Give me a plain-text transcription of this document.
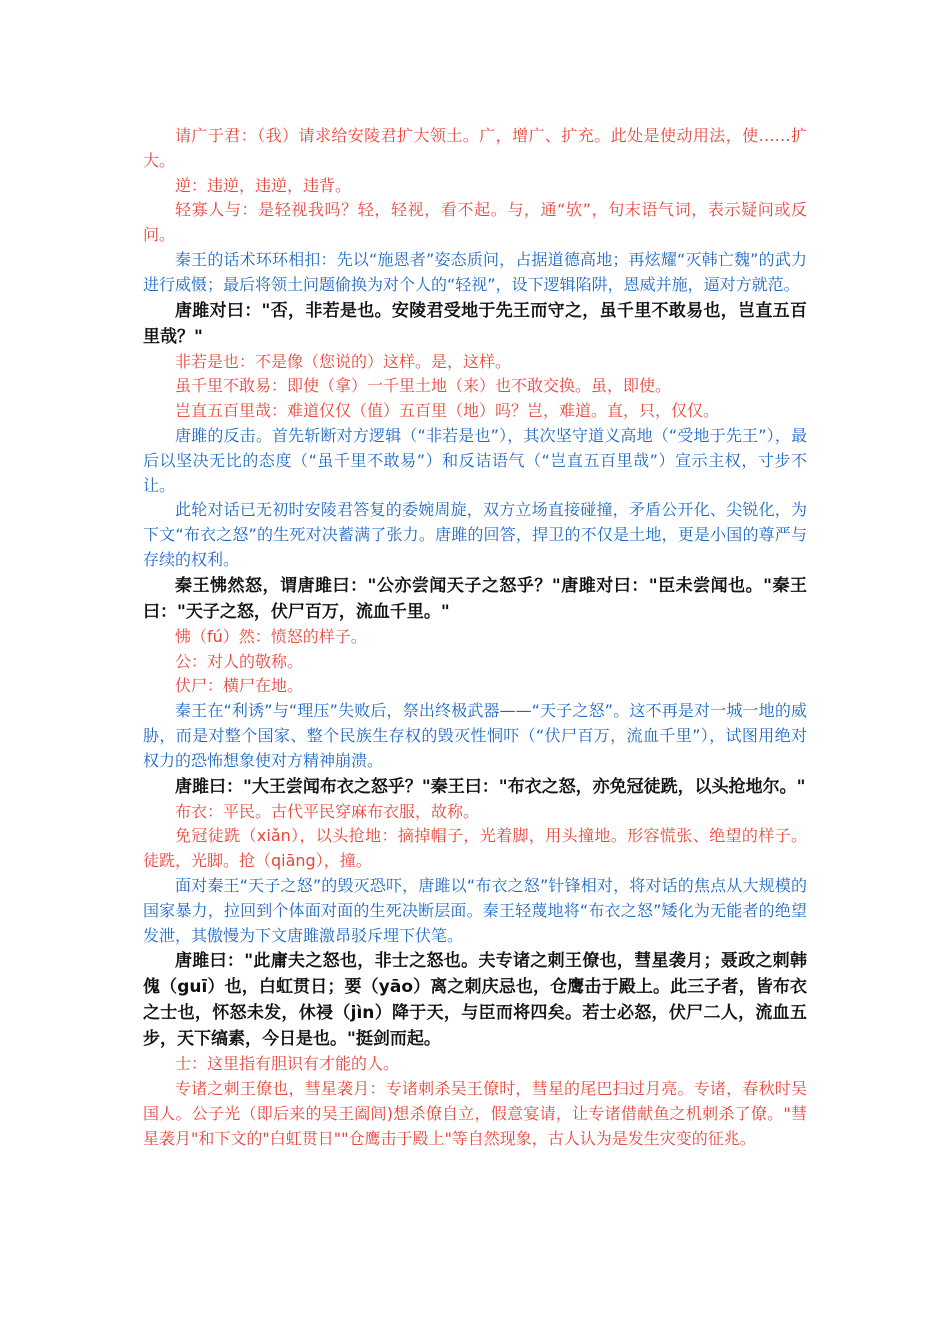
请广于君：（我）请求给安陵君扩大领土。广，增广、扩充。此处是使动用法，使……扩大。

逆：违逆，违逆，违背。

轻寡人与：是轻视我吗？轻，轻视，看不起。与，通“欤”，句末语气词，表示疑问或反问。

秦王的话术环环相扣：先以“施恩者”姿态质问，占据道德高地；再炫耀“灭韩亡魏”的武力进行威慑；最后将领土问题偷换为对个人的“轻视”，设下逻辑陷阱，恩威并施，逼对方就范。

唐雎对曰："否，非若是也。安陵君受地于先王而守之，虽千里不敢易也，岂直五百里哉？"

非若是也：不是像（您说的）这样。是，这样。

虽千里不敢易：即使（拿）一千里土地（来）也不敢交换。虽，即使。

岂直五百里哉：难道仅仅（值）五百里（地）吗？岂，难道。直，只，仅仅。

唐雎的反击。首先斩断对方逻辑（“非若是也”），其次坚守道义高地（“受地于先王”），最后以坚决无比的态度（“虽千里不敢易”）和反诘语气（“岂直五百里哉”）宣示主权，寸步不让。

此轮对话已无初时安陵君答复的委婉周旋，双方立场直接碰撞，矛盾公开化、尖锐化，为下文“布衣之怒”的生死对决蓄满了张力。唐雎的回答，捍卫的不仅是土地，更是小国的尊严与存续的权利。

秦王怫然怒，谓唐雎曰："公亦尝闻天子之怒乎？"唐雎对曰："臣未尝闻也。"秦王曰："天子之怒，伏尸百万，流血千里。"

怫（fú）然：愤怒的样子。

公：对人的敬称。

伏尸：横尸在地。

秦王在“利诱”与“理压”失败后，祭出终极武器——“天子之怒”。这不再是对一城一地的威胁，而是对整个国家、整个民族生存权的毁灭性恫吓（“伏尸百万，流血千里”），试图用绝对权力的恐怖想象使对方精神崩溃。

唐雎曰："大王尝闻布衣之怒乎？"秦王曰："布衣之怒，亦免冠徒跣，以头抢地尔。"

布衣：平民。古代平民穿麻布衣服，故称。

免冠徒跣（xiǎn），以头抢地：摘掉帽子，光着脚，用头撞地。形容慌张、绝望的样子。徒跣，光脚。抢（qiāng），撞。

面对秦王“天子之怒”的毁灭恐吓，唐雎以“布衣之怒”针锋相对，将对话的焦点从大规模的国家暴力，拉回到个体面对面的生死决断层面。秦王轻蔑地将“布衣之怒”矮化为无能者的绝望发泄，其傲慢为下文唐雎激昂驳斥埋下伏笔。

唐雎曰："此庸夫之怒也，非士之怒也。夫专诸之刺王僚也，彗星袭月；聂政之刺韩傀（guī）也，白虹贯日；要（yāo）离之刺庆忌也，仓鹰击于殿上。此三子者，皆布衣之士也，怀怒未发，休祲（jìn）降于天，与臣而将四矣。若士必怒，伏尸二人，流血五步，天下缟素，今日是也。"挺剑而起。

士：这里指有胆识有才能的人。

专诸之刺王僚也，彗星袭月：专诸刺杀吴王僚时，彗星的尾巴扫过月亮。专诸，春秋时吴国人。公子光（即后来的吴王阖闾)想杀僚自立，假意宴请，让专诸借献鱼之机刺杀了僚。"彗星袭月"和下文的"白虹贯日""仓鹰击于殿上"等自然现象，古人认为是发生灾变的征兆。
